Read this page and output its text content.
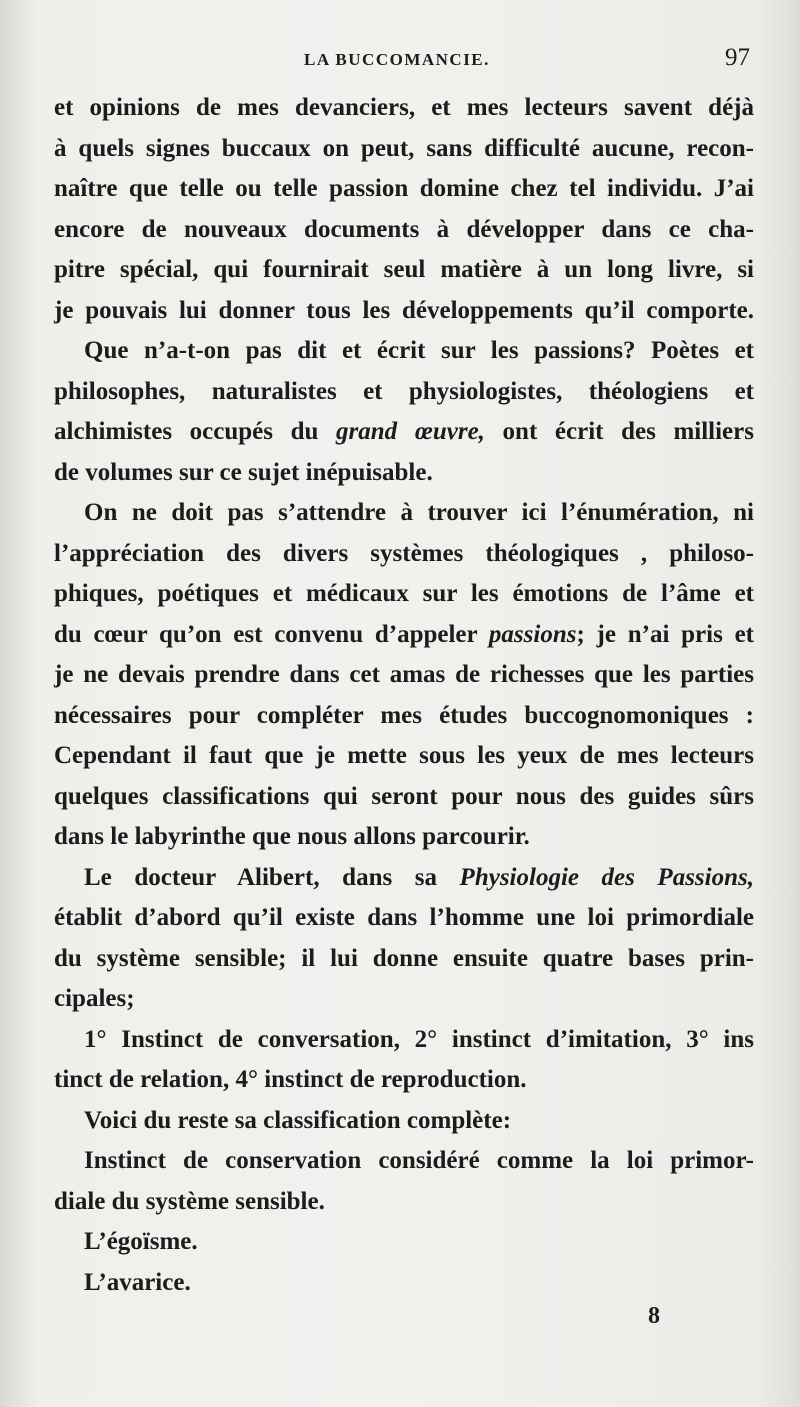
LA BUCCOMANCIE.	97
et opinions de mes devanciers, et mes lecteurs savent déjà
à quels signes buccaux on peut, sans difficulté aucune, recon-
naître que telle ou telle passion domine chez tel individu. J’ai
encore de nouveaux documents à développer dans ce cha-
pitre spécial, qui fournirait seul matière à un long livre, si
je pouvais lui donner tous les développements qu’il comporte.
Que n’a-t-on pas dit et écrit sur les passions? Poètes et
philosophes, naturalistes et physiologistes, théologiens et
alchimistes occupés du grand œuvre, ont écrit des milliers
de volumes sur ce sujet inépuisable.
On ne doit pas s’attendre à trouver ici l’énumération, ni
l’appréciation des divers systèmes théologiques , philoso-
phiques, poétiques et médicaux sur les émotions de l’âme et
du cœur qu’on est convenu d’appeler passions; je n’ai pris et
je ne devais prendre dans cet amas de richesses que les parties
nécessaires pour compléter mes études buccognomoniques :
Cependant il faut que je mette sous les yeux de mes lecteurs
quelques classifications qui seront pour nous des guides sûrs
dans le labyrinthe que nous allons parcourir.
Le docteur Alibert, dans sa Physiologie des Passions,
établit d’abord qu’il existe dans l’homme une loi primordiale
du système sensible; il lui donne ensuite quatre bases prin-
cipales;
1° Instinct de conversation, 2° instinct d’imitation, 3° ins
tinct de relation, 4° instinct de reproduction.
Voici du reste sa classification complète:
Instinct de conservation considéré comme la loi primor-
diale du système sensible.
L’égoïsme.
L’avarice.
8
